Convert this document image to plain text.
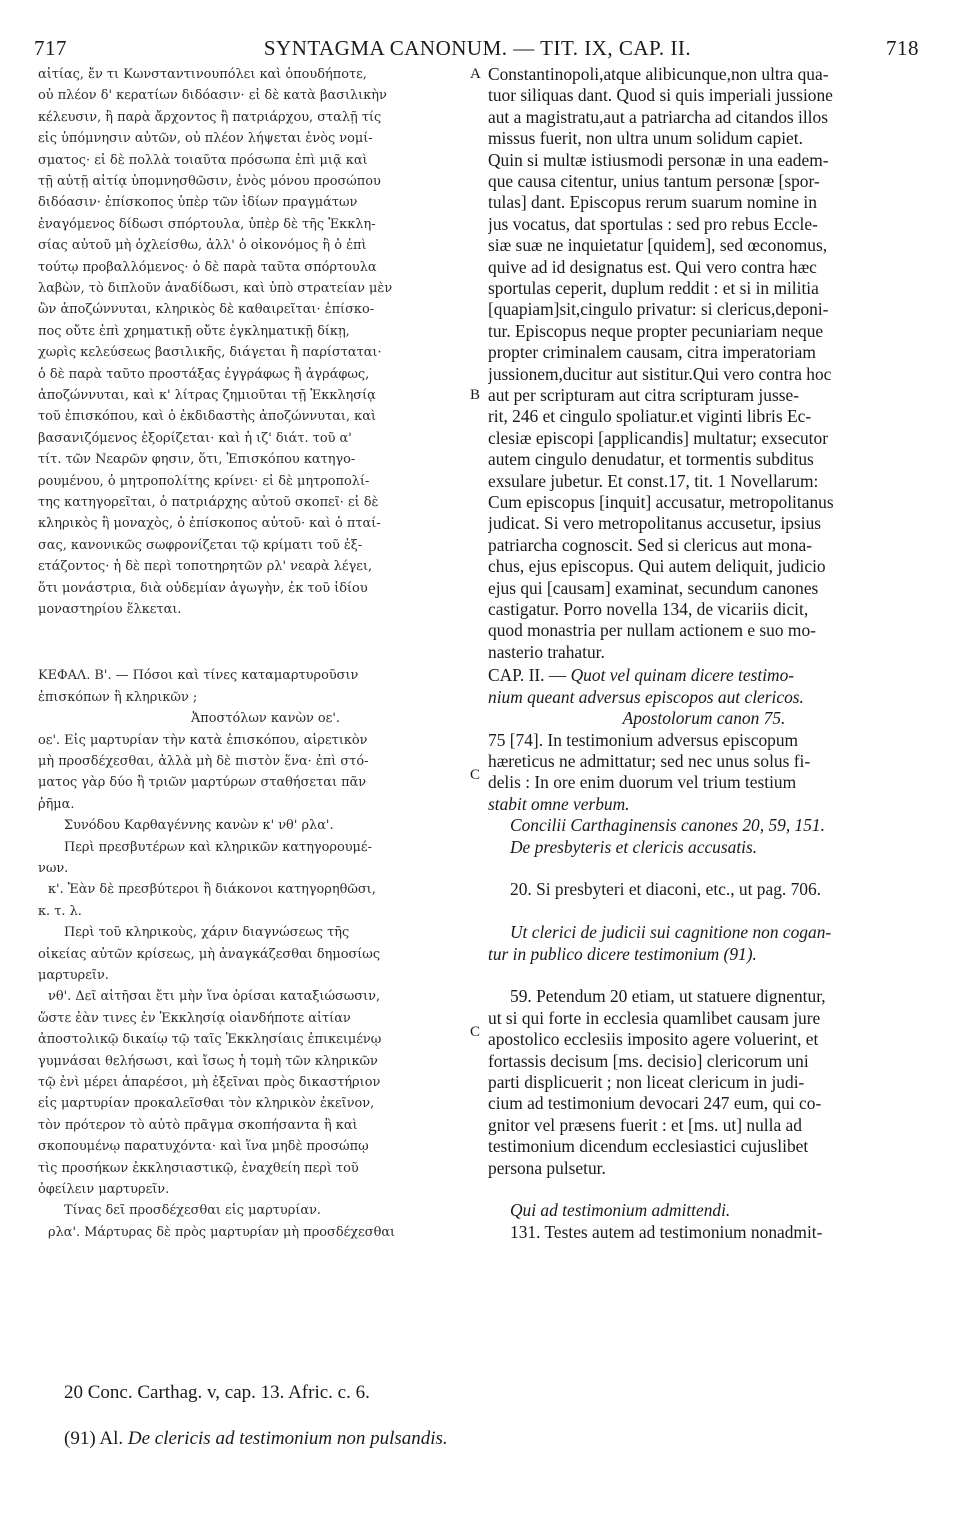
717	SYNTAGMA CANONUM. — TIT. IX, CAP. II.	718
αἰτίας, ἔν τι Κωνσταντινουπόλει καὶ ὁπουδήποτε,
οὐ πλέον δ' κερατίων διδόασιν· εἰ δὲ κατὰ βασιλικὴν
κέλευσιν, ἢ παρὰ ἄρχοντος ἢ πατριάρχου, σταλῇ τίς
εἰς ὑπόμνησιν αὐτῶν, οὐ πλέον λήψεται ἑνὸς νομί-
σματος· εἰ δὲ πολλὰ τοιαῦτα πρόσωπα ἐπὶ μιᾷ καὶ
τῇ αὐτῇ αἰτίᾳ ὑπομνησθῶσιν, ἑνὸς μόνου προσώπου
διδόασιν· ἐπίσκοπος ὑπὲρ τῶν ἰδίων πραγμάτων
ἐναγόμενος δίδωσι σπόρτουλα, ὑπὲρ δὲ τῆς Ἐκκλη-
σίας αὐτοῦ μὴ ὀχλείσθω, ἀλλ' ὁ οἰκονόμος ἢ ὁ ἐπὶ
τούτῳ προβαλλόμενος· ὁ δὲ παρὰ ταῦτα σπόρτουλα
λαβὼν, τὸ διπλοῦν ἀναδίδωσι, καὶ ὑπὸ στρατείαν μὲν
ὢν ἀποζώννυται, κληρικὸς δὲ καθαιρεῖται· ἐπίσκο-
πος οὔτε ἐπὶ χρηματικῇ οὔτε ἐγκληματικῇ δίκῃ,
χωρὶς κελεύσεως βασιλικῆς, διάγεται ἢ παρίσταται·
ὁ δὲ παρὰ ταῦτο προστάξας ἐγγράφως ἢ ἀγράφως,
ἀποζώννυται, καὶ κ' λίτρας ζημιοῦται τῇ Ἐκκλησίᾳ
τοῦ ἐπισκόπου, καὶ ὁ ἐκδιδαστὴς ἀποζώννυται, καὶ
βασανιζόμενος ἐξορίζεται· καὶ ἡ ιζ' διάτ. τοῦ α'
τίτ. τῶν Νεαρῶν φησιν, ὅτι, Ἐπισκόπου κατηγο-
ρουμένου, ὁ μητροπολίτης κρίνει· εἰ δὲ μητροπολί-
της κατηγορεῖται, ὁ πατριάρχης αὐτοῦ σκοπεῖ· εἰ δὲ
κληρικὸς ἢ μοναχὸς, ὁ ἐπίσκοπος αὐτοῦ· καὶ ὁ πταί-
σας, κανονικῶς σωφρονίζεται τῷ κρίματι τοῦ ἐξ-
ετάζοντος· ἡ δὲ περὶ τοποτηρητῶν ρλ' νεαρὰ λέγει,
ὅτι μονάστρια, διὰ οὐδεμίαν ἀγωγὴν, ἐκ τοῦ ἰδίου
μοναστηρίου ἕλκεται.
ΚΕΦΑΛ. Β'. — Πόσοι καὶ τίνες καταμαρτυροῦσιν
ἐπισκόπων ἢ κληρικῶν ;
Ἀποστόλων κανὼν οε'.
οε'. Εἰς μαρτυρίαν τὴν κατὰ ἐπισκόπου, αἱρετικὸν
μὴ προσδέχεσθαι, ἀλλὰ μὴ δὲ πιστὸν ἕνα· ἐπὶ στό-
ματος γὰρ δύο ἢ τριῶν μαρτύρων σταθήσεται πᾶν
ῥῆμα.
Συνόδου Καρθαγέννης κανὼν κ' νθ' ρλα'.
Περὶ πρεσβυτέρων καὶ κληρικῶν κατηγορουμέ-
νων.
κ'. Ἐὰν δὲ πρεσβύτεροι ἢ διάκονοι κατηγορηθῶσι,
κ. τ. λ.
Περὶ τοῦ κληρικοὺς, χάριν διαγνώσεως τῆς
οἰκείας αὐτῶν κρίσεως, μὴ ἀναγκάζεσθαι δημοσίως
μαρτυρεῖν.
νθ'. Δεῖ αἰτῆσαι ἔτι μὴν ἵνα ὁρίσαι καταξιώσωσιν,
ὥστε ἐὰν τινες ἐν Ἐκκλησίᾳ οἱανδήποτε αἰτίαν
ἀποστολικῷ δικαίῳ τῷ ταῖς Ἐκκλησίαις ἐπικειμένῳ
γυμνάσαι θελήσωσι, καὶ ἴσως ἡ τομὴ τῶν κληρικῶν
τῷ ἑνὶ μέρει ἀπαρέσοι, μὴ ἐξεῖναι πρὸς δικαστήριον
εἰς μαρτυρίαν προκαλεῖσθαι τὸν κληρικὸν ἐκεῖνον,
τὸν πρότερον τὸ αὐτὸ πρᾶγμα σκοπήσαντα ἢ καὶ
σκοπουμένῳ παρατυχόντα· καὶ ἵνα μηδὲ προσώπῳ
τὶς προσήκων ἐκκλησιαστικῷ, ἐναχθείη περὶ τοῦ
ὀφείλειν μαρτυρεῖν.
Τίνας δεῖ προσδέχεσθαι εἰς μαρτυρίαν.
ρλα'. Μάρτυρας δὲ πρὸς μαρτυρίαν μὴ προσδέχεσθαι
Constantinopoli,atque alibicunque,non ultra qua-
tuor siliquas dant. Quod si quis imperiali jussione
aut a magistratu,aut a patriarcha ad citandos illos
missus fuerit, non ultra unum solidum capiet.
Quin si multæ istiusmodi personæ in una eadem-
que causa citentur, unius tantum personæ [spor-
tulas] dant. Episcopus rerum suarum nomine in
jus vocatus, dat sportulas : sed pro rebus Eccle-
siæ suæ ne inquietatur [quidem], sed œconomus,
quive ad id designatus est. Qui vero contra hæc
sportulas ceperit, duplum reddit : et si in militia
[quapiam]sit,cingulo privatur: si clericus,deponi-
tur. Episcopus neque propter pecuniariam neque
propter criminalem causam, citra imperatoriam
jussionem,ducitur aut sistitur.Qui vero contra hoc
aut per scripturam aut citra scripturam jusse-
rit, 246 et cingulo spoliatur.et viginti libris Ec-
clesiæ episcopi [applicandis] multatur; exsecutor
autem cingulo denudatur, et tormentis subditus
exsulare jubetur. Et const.17, tit. 1 Novellarum:
Cum episcopus [inquit] accusatur, metropolitanus
judicat. Si vero metropolitanus accusetur, ipsius
patriarcha cognoscit. Sed si clericus aut mona-
chus, ejus episcopus. Qui autem deliquit, judicio
ejus qui [causam] examinat, secundum canones
castigatur. Porro novella 134, de vicariis dicit,
quod monastria per nullam actionem e suo mo-
nasterio trahatur.
CAP. II. — Quot vel quinam dicere testimo-
nium queant adversus episcopos aut clericos.
Apostolorum canon 75.
75 [74]. In testimonium adversus episcopum
hæreticus ne admittatur; sed nec unus solus fi-
delis : In ore enim duorum vel trium testium
stabit omne verbum.
Concilii Carthaginensis canones 20, 59, 151.
De presbyteris et clericis accusatis.
20. Si presbyteri et diaconi, etc., ut pag. 706.
Ut clerici de judicii sui cagnitione non cogan-
tur in publico dicere testimonium (91).
59. Petendum 20 etiam, ut statuere dignentur,
ut si qui forte in ecclesia quamlibet causam jure
apostolico ecclesiis imposito agere voluerint, et
fortassis decisum [ms. decisio] clericorum uni
parti displicuerit ; non liceat clericum in judi-
cium ad testimonium devocari 247 eum, qui co-
gnitor vel præsens fuerit : et [ms. ut] nulla ad
testimonium dicendum ecclesiastici cujuslibet
persona pulsetur.
Qui ad testimonium admittendi.
131. Testes autem ad testimonium nonadmit-
A
B
C
C
20 Conc. Carthag. v, cap. 13. Afric. c. 6.
(91) Al. De clericis ad testimonium non pulsandis.
